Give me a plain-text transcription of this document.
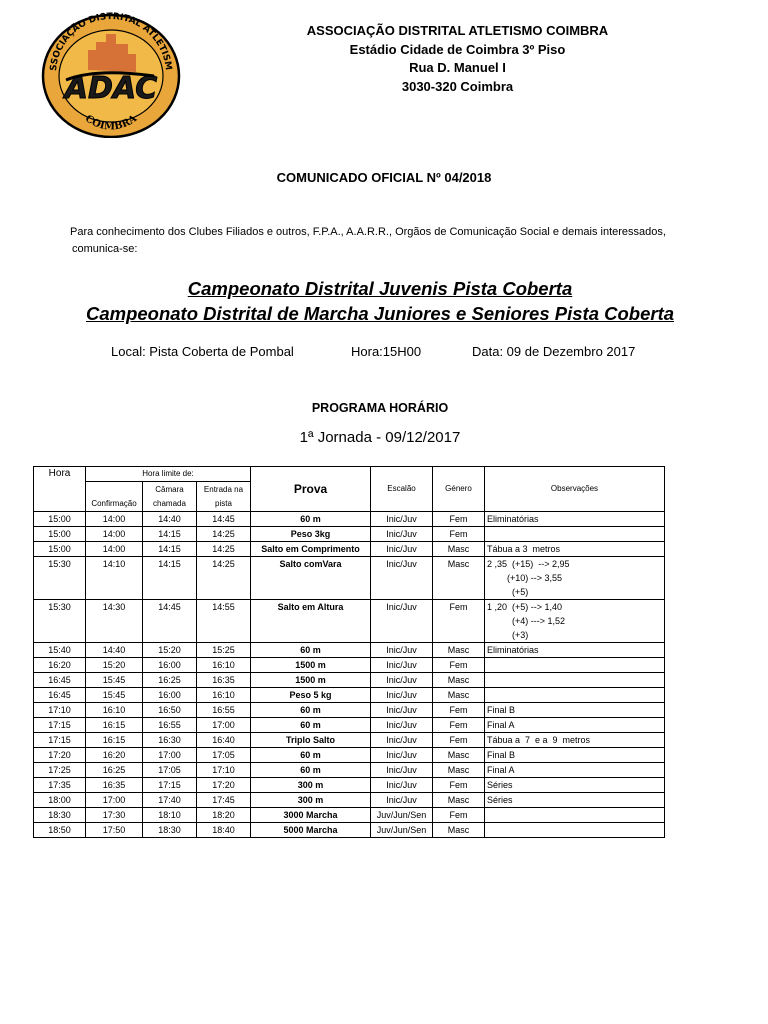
ADAC
SSOCIAÇÃO DISTRITAL ATLETISM
COIMBRA
ASSOCIAÇÃO DISTRITAL ATLETISMO COIMBRA
Estádio Cidade de Coimbra 3º Piso
Rua D. Manuel I
3030-320 Coimbra
COMUNICADO OFICIAL Nº 04/2018
Para conhecimento dos Clubes Filiados e outros, F.P.A., A.A.R.R., Orgãos de Comunicação Social e demais interessados,
comunica-se:
Campeonato Distrital Juvenis Pista Coberta
Campeonato Distrital de Marcha Juniores e Seniores Pista Coberta
Local: Pista Coberta de Pombal	Hora:15H00	Data: 09 de Dezembro 2017
PROGRAMA HORÁRIO
1ª Jornada - 09/12/2017
Hora	Hora limite de:			Prova	Escalão	Género	Observações
	Confirmação	Câmara chamada	Entrada na pista				
15:00	14:00	14:40	14:45	60 m	Inic/Juv	Fem	Eliminatórias

15:00	14:00	14:15	14:25	Peso 3kg	Inic/Juv	Fem	
15:00	14:00	14:15	14:25	Salto em Comprimento	Inic/Juv	Masc	Tábua a 3  metros

15:30	14:10	14:15	14:25	Salto comVara	Inic/Juv	Masc	2 ,35  (+15)  --> 2,95
(+10) --> 3,55
(+5)

15:30	14:30	14:45	14:55	Salto em Altura	Inic/Juv	Fem	1 ,20  (+5) --> 1,40
(+4) ---> 1,52
(+3)

15:40	14:40	15:20	15:25	60 m	Inic/Juv	Masc	Eliminatórias

16:20	15:20	16:00	16:10	1500 m	Inic/Juv	Fem	
16:45	15:45	16:25	16:35	1500 m	Inic/Juv	Masc	
16:45	15:45	16:00	16:10	Peso 5 kg	Inic/Juv	Masc	
17:10	16:10	16:50	16:55	60 m	Inic/Juv	Fem	Final B

17:15	16:15	16:55	17:00	60 m	Inic/Juv	Fem	Final A

17:15	16:15	16:30	16:40	Triplo Salto	Inic/Juv	Fem	Tábua a  7  e a  9  metros

17:20	16:20	17:00	17:05	60 m	Inic/Juv	Masc	Final B

17:25	16:25	17:05	17:10	60 m	Inic/Juv	Masc	Final A

17:35	16:35	17:15	17:20	300 m	Inic/Juv	Fem	Séries

18:00	17:00	17:40	17:45	300 m	Inic/Juv	Masc	Séries

18:30	17:30	18:10	18:20	3000 Marcha	Juv/Jun/Sen	Fem	
18:50	17:50	18:30	18:40	5000 Marcha	Juv/Jun/Sen	Masc	
